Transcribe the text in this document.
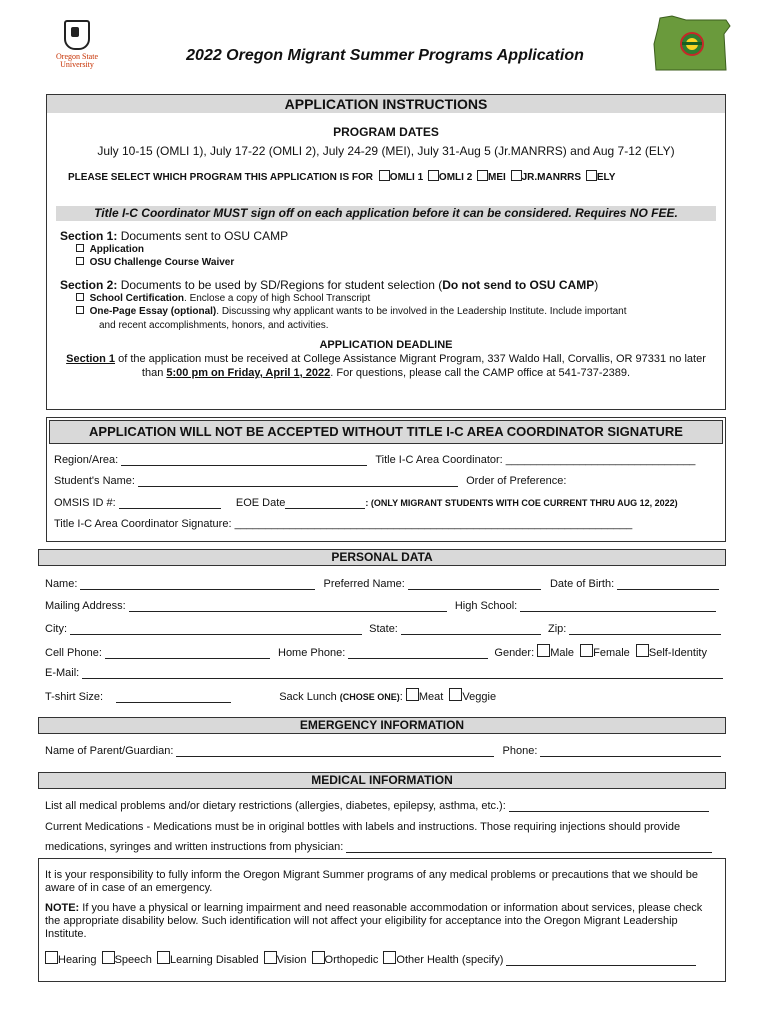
Oregon State
University
2022 Oregon Migrant Summer Programs Application
APPLICATION INSTRUCTIONS
PROGRAM DATES
July 10-15 (OMLI 1), July 17-22 (OMLI 2), July 24-29 (MEI), July 31-Aug 5 (Jr.MANRRS) and Aug 7-12 (ELY)
PLEASE SELECT WHICH PROGRAM THIS APPLICATION IS FOR OMLI 1 OMLI 2 MEI JR.MANRRS ELY
Title I-C Coordinator MUST sign off on each application before it can be considered. Requires NO FEE.
Section 1: Documents sent to OSU CAMP
Application
OSU Challenge Course Waiver
Section 2: Documents to be used by SD/Regions for student selection (Do not send to OSU CAMP)
School Certification. Enclose a copy of high School Transcript
One-Page Essay (optional). Discussing why applicant wants to be involved in the Leadership Institute. Include important
and recent accomplishments, honors, and activities.
APPLICATION DEADLINE
Section 1 of the application must be received at College Assistance Migrant Program, 337 Waldo Hall, Corvallis, OR 97331 no later
than 5:00 pm on Friday, April 1, 2022. For questions, please call the CAMP office at 541-737-2389.
APPLICATION WILL NOT BE ACCEPTED WITHOUT TITLE I-C AREA COORDINATOR SIGNATURE
Region/Area:	Title I-C Area Coordinator: _______________________________
Student's Name:	Order of Preference:
OMSIS ID #:	EOE Date	: (ONLY MIGRANT STUDENTS WITH COE CURRENT THRU AUG 12, 2022)
Title I-C Area Coordinator Signature: _________________________________________________________________
PERSONAL DATA
Name:	Preferred Name:	Date of Birth:
Mailing Address:	High School:
City:	State:	Zip:
Cell Phone:	Home Phone:	Gender: Male Female Self-Identity
E-Mail:
T-shirt Size:	Sack Lunch (CHOSE ONE): Meat Veggie
EMERGENCY INFORMATION
Name of Parent/Guardian:	Phone:
MEDICAL INFORMATION
List all medical problems and/or dietary restrictions (allergies, diabetes, epilepsy, asthma, etc.):
Current Medications - Medications must be in original bottles with labels and instructions. Those requiring injections should provide
medications, syringes and written instructions from physician:
It is your responsibility to fully inform the Oregon Migrant Summer programs of any medical problems or precautions that we should be
aware of in case of an emergency.
NOTE: If you have a physical or learning impairment and need reasonable accommodation or information about services, please check
the appropriate disability below. Such identification will not affect your eligibility for acceptance into the Oregon Migrant Leadership
Institute.
Hearing Speech Learning Disabled Vision Orthopedic Other Health (specify)
